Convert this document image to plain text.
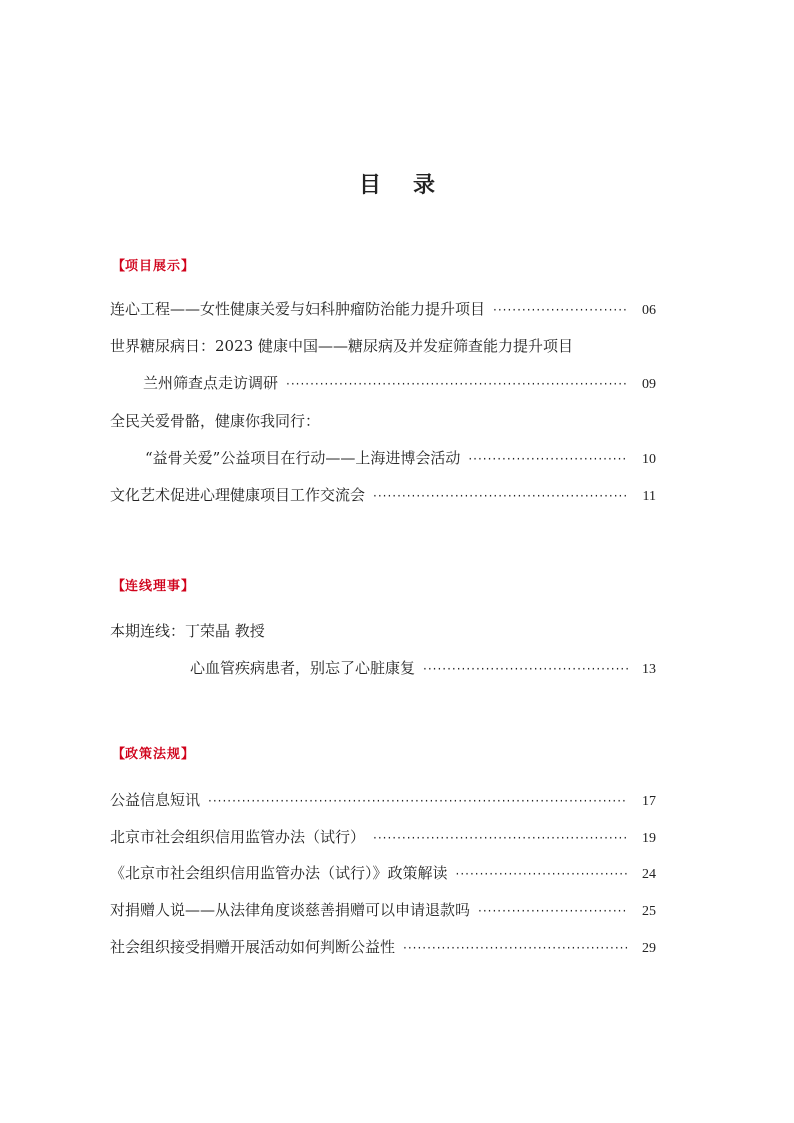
目 录
【项目展示】
连心工程——女性健康关爱与妇科肿瘤防治能力提升项目 ·····	06
世界糖尿病日：2023 健康中国——糖尿病及并发症筛查能力提升项目
兰州筛查点走访调研 ·····	09
全民关爱骨骼，健康你我同行：
“益骨关爱”公益项目在行动——上海进博会活动 ·····	10
文化艺术促进心理健康项目工作交流会 ·····	11
【连线理事】
本期连线：丁荣晶 教授
心血管疾病患者，别忘了心脏康复 ·····	13
【政策法规】
公益信息短讯 ·····	17
北京市社会组织信用监管办法（试行） ·····	19
《北京市社会组织信用监管办法（试行）》政策解读 ·····	24
对捐赠人说——从法律角度谈慈善捐赠可以申请退款吗 ·····	25
社会组织接受捐赠开展活动如何判断公益性 ·····	29
